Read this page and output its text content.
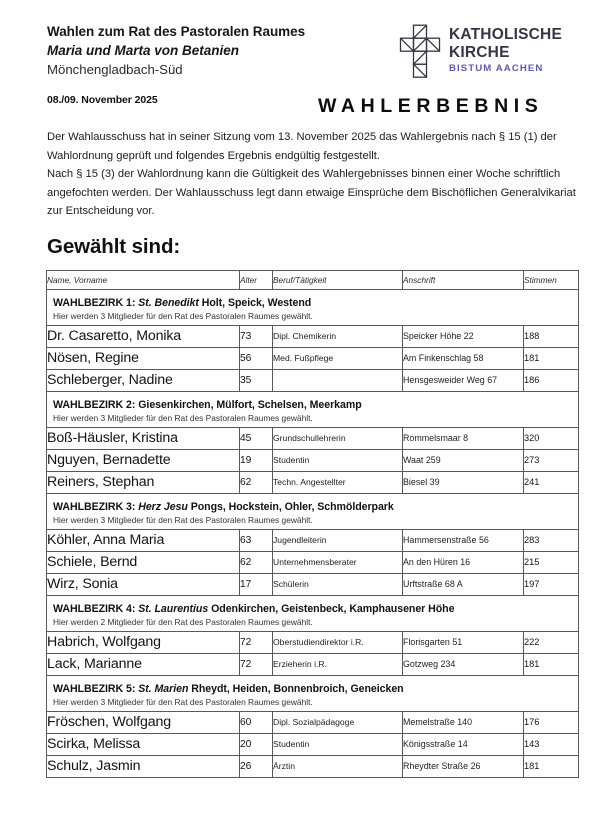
Wahlen zum Rat des Pastoralen Raumes
Maria und Marta von Betanien
Mönchengladbach-Süd
08./09. November 2025
KATHOLISCHE
KIRCHE
BISTUM AACHEN
WAHLERBEBNIS

Der Wahlausschuss hat in seiner Sitzung vom 13. November 2025 das Wahlergebnis nach § 15 (1) der Wahlordnung geprüft und folgendes Ergebnis endgültig festgestellt.

Nach § 15 (3) der Wahlordnung kann die Gültigkeit des Wahlergebnisses binnen einer Woche schriftlich angefochten werden. Der Wahlausschuss legt dann etwaige Einsprüche dem Bischöflichen Generalvikariat zur Entscheidung vor.

Gewählt sind:
Name, Vorname	Alter	Beruf/Tätigkeit	Anschrift	Stimmen

WAHLBEZIRK 1: St. Benedikt Holt, Speick, Westend
Hier werden 3 Mitglieder für den Rat des Pastoralen Raumes gewählt.				

Dr. Casaretto, Monika	73	Dipl. Chemikerin	Speicker Höhe 22	188
Nösen, Regine	56	Med. Fußpflege	Am Finkenschlag 58	181
Schleberger, Nadine	35		Hensgesweider Weg 67	186

WAHLBEZIRK 2: Giesenkirchen, Mülfort, Schelsen, Meerkamp
Hier werden 3 Mitglieder für den Rat des Pastoralen Raumes gewählt.				

Boß-Häusler, Kristina	45	Grundschullehrerin	Rommelsmaar 8	320
Nguyen, Bernadette	19	Studentin	Waat 259	273
Reiners, Stephan	62	Techn. Angestellter	Biesel 39	241

WAHLBEZIRK 3: Herz Jesu Pongs, Hockstein, Ohler, Schmölderpark
Hier werden 3 Mitglieder für den Rat des Pastoralen Raumes gewählt.				

Köhler, Anna Maria	63	Jugendleiterin	Hammersenstraße 56	283
Schiele, Bernd	62	Unternehmensberater	An den Hüren 16	215
Wirz, Sonia	17	Schülerin	Urftstraße 68 A	197

WAHLBEZIRK 4: St. Laurentius Odenkirchen, Geistenbeck, Kamphausener Höhe
Hier werden 2 Mitglieder für den Rat des Pastoralen Raumes gewählt.				

Habrich, Wolfgang	72	Oberstudiendirektor i.R.	Florisgarten 51	222
Lack, Marianne	72	Erzieherin i.R.	Gotzweg 234	181

WAHLBEZIRK 5: St. Marien Rheydt, Heiden, Bonnenbroich, Geneicken
Hier werden 3 Mitglieder für den Rat des Pastoralen Raumes gewählt.				

Fröschen, Wolfgang	60	Dipl. Sozialpädagoge	Memelstraße 140	176
Scirka, Melissa	20	Studentin	Königsstraße 14	143
Schulz, Jasmin	26	Ärztin	Rheydter Straße 26	181
